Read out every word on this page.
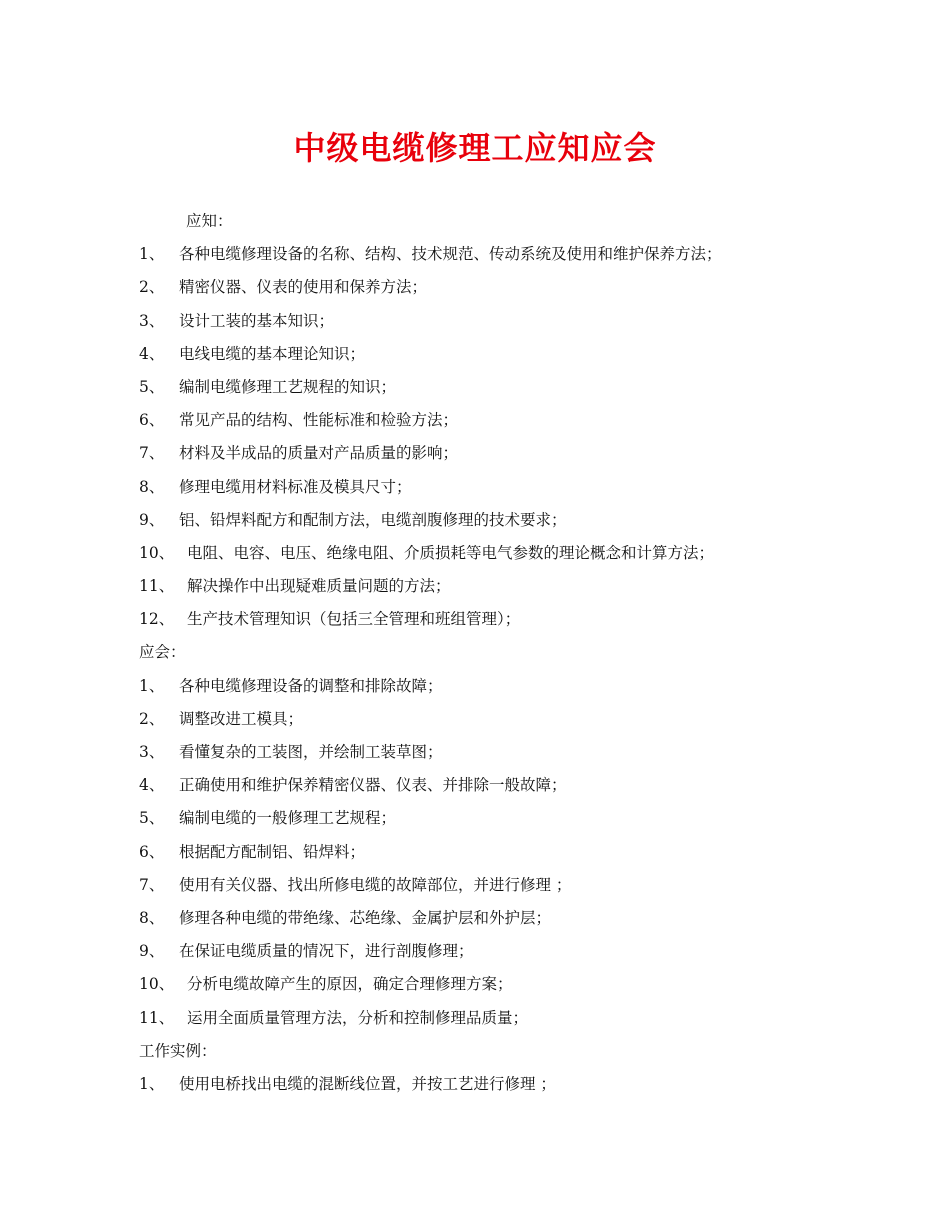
中级电缆修理工应知应会
应知：
1、 各种电缆修理设备的名称、结构、技术规范、传动系统及使用和维护保养方法；
2、 精密仪器、仪表的使用和保养方法；
3、 设计工装的基本知识；
4、 电线电缆的基本理论知识；
5、 编制电缆修理工艺规程的知识；
6、 常见产品的结构、性能标准和检验方法；
7、 材料及半成品的质量对产品质量的影响；
8、 修理电缆用材料标准及模具尺寸；
9、 铝、铅焊料配方和配制方法，电缆剖腹修理的技术要求；
10、 电阻、电容、电压、绝缘电阻、介质损耗等电气参数的理论概念和计算方法；
11、 解决操作中出现疑难质量问题的方法；
12、 生产技术管理知识（包括三全管理和班组管理）；
应会：
1、 各种电缆修理设备的调整和排除故障；
2、 调整改进工模具；
3、 看懂复杂的工装图，并绘制工装草图；
4、 正确使用和维护保养精密仪器、仪表、并排除一般故障；
5、 编制电缆的一般修理工艺规程；
6、 根据配方配制铝、铅焊料；
7、 使用有关仪器、找出所修电缆的故障部位，并进行修理 ；
8、 修理各种电缆的带绝缘、芯绝缘、金属护层和外护层；
9、 在保证电缆质量的情况下，进行剖腹修理；
10、 分析电缆故障产生的原因，确定合理修理方案；
11、 运用全面质量管理方法，分析和控制修理品质量；
工作实例：
1、 使用电桥找出电缆的混断线位置，并按工艺进行修理 ；
